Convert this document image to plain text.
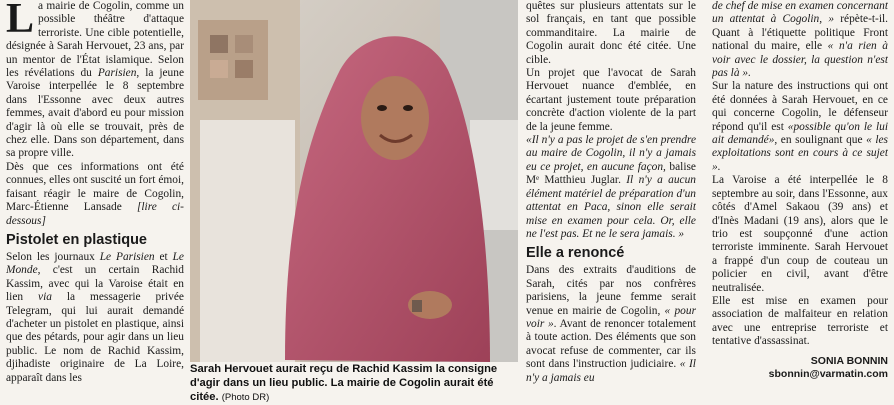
La mairie de Cogolin, comme un possible théâtre d'attaque terroriste. Une cible potentielle, désignée à Sarah Hervouet, 23 ans, par un mentor de l'État islamique. Selon les révélations du Parisien, la jeune Varoise interpellée le 8 septembre dans l'Essonne avec deux autres femmes, avait d'abord eu pour mission d'agir là où elle se trouvait, près de chez elle. Dans son département, dans sa propre ville.

Dès que ces informations ont été connues, elles ont suscité un fort émoi, faisant réagir le maire de Cogolin, Marc-Étienne Lansade [lire ci-dessous]

Pistolet en plastique

Selon les journaux Le Parisien et Le Monde, c'est un certain Rachid Kassim, avec qui la Varoise était en lien via la messagerie privée Telegram, qui lui aurait demandé d'acheter un pistolet en plastique, ainsi que des pétards, pour agir dans un lieu public. Le nom de Rachid Kassim, djihadiste originaire de La Loire, apparaît dans les

Sarah Hervouet aurait reçu de Rachid Kassim la consigne d'agir dans un lieu public. La mairie de Cogolin aurait été citée. (Photo DR)

quêtes sur plusieurs attentats sur le sol français, en tant que possible commanditaire. La mairie de Cogolin aurait donc été citée. Une cible.

Un projet que l'avocat de Sarah Hervouet nuance d'emblée, en écartant justement toute préparation concrète d'action violente de la part de la jeune femme.

«Il n'y a pas le projet de s'en prendre au maire de Cogolin, il n'y a jamais eu ce projet, en aucune façon, balise Mᵉ Matthieu Juglar. Il n'y a aucun élément matériel de préparation d'un attentat en Paca, sinon elle serait mise en examen pour cela. Or, elle ne l'est pas. Et ne le sera jamais. »

Elle a renoncé

Dans des extraits d'auditions de Sarah, cités par nos confrères parisiens, la jeune femme serait venue en mairie de Cogolin, « pour voir ». Avant de renoncer totalement à toute action. Des éléments que son avocat refuse de commenter, car ils sont dans l'instruction judiciaire. « Il n'y a jamais eu

de chef de mise en examen concernant un attentat à Cogolin, » répète-t-il. Quant à l'étiquette politique Front national du maire, elle « n'a rien à voir avec le dossier, la question n'est pas là ».

Sur la nature des instructions qui ont été données à Sarah Hervouet, en ce qui concerne Cogolin, le défenseur répond qu'il est «possible qu'on le lui ait demandé», en soulignant que « les exploitations sont en cours à ce sujet ».

La Varoise a été interpellée le 8 septembre au soir, dans l'Essonne, aux côtés d'Amel Sakaou (39 ans) et d'Inès Madani (19 ans), alors que le trio est soupçonné d'une action terroriste imminente. Sarah Hervouet a frappé d'un coup de couteau un policier en civil, avant d'être neutralisée.

Elle est mise en examen pour association de malfaiteur en relation avec une entreprise terroriste et tentative d'assassinat.

SONIA BONNIN
sbonnin@varmatin.com
